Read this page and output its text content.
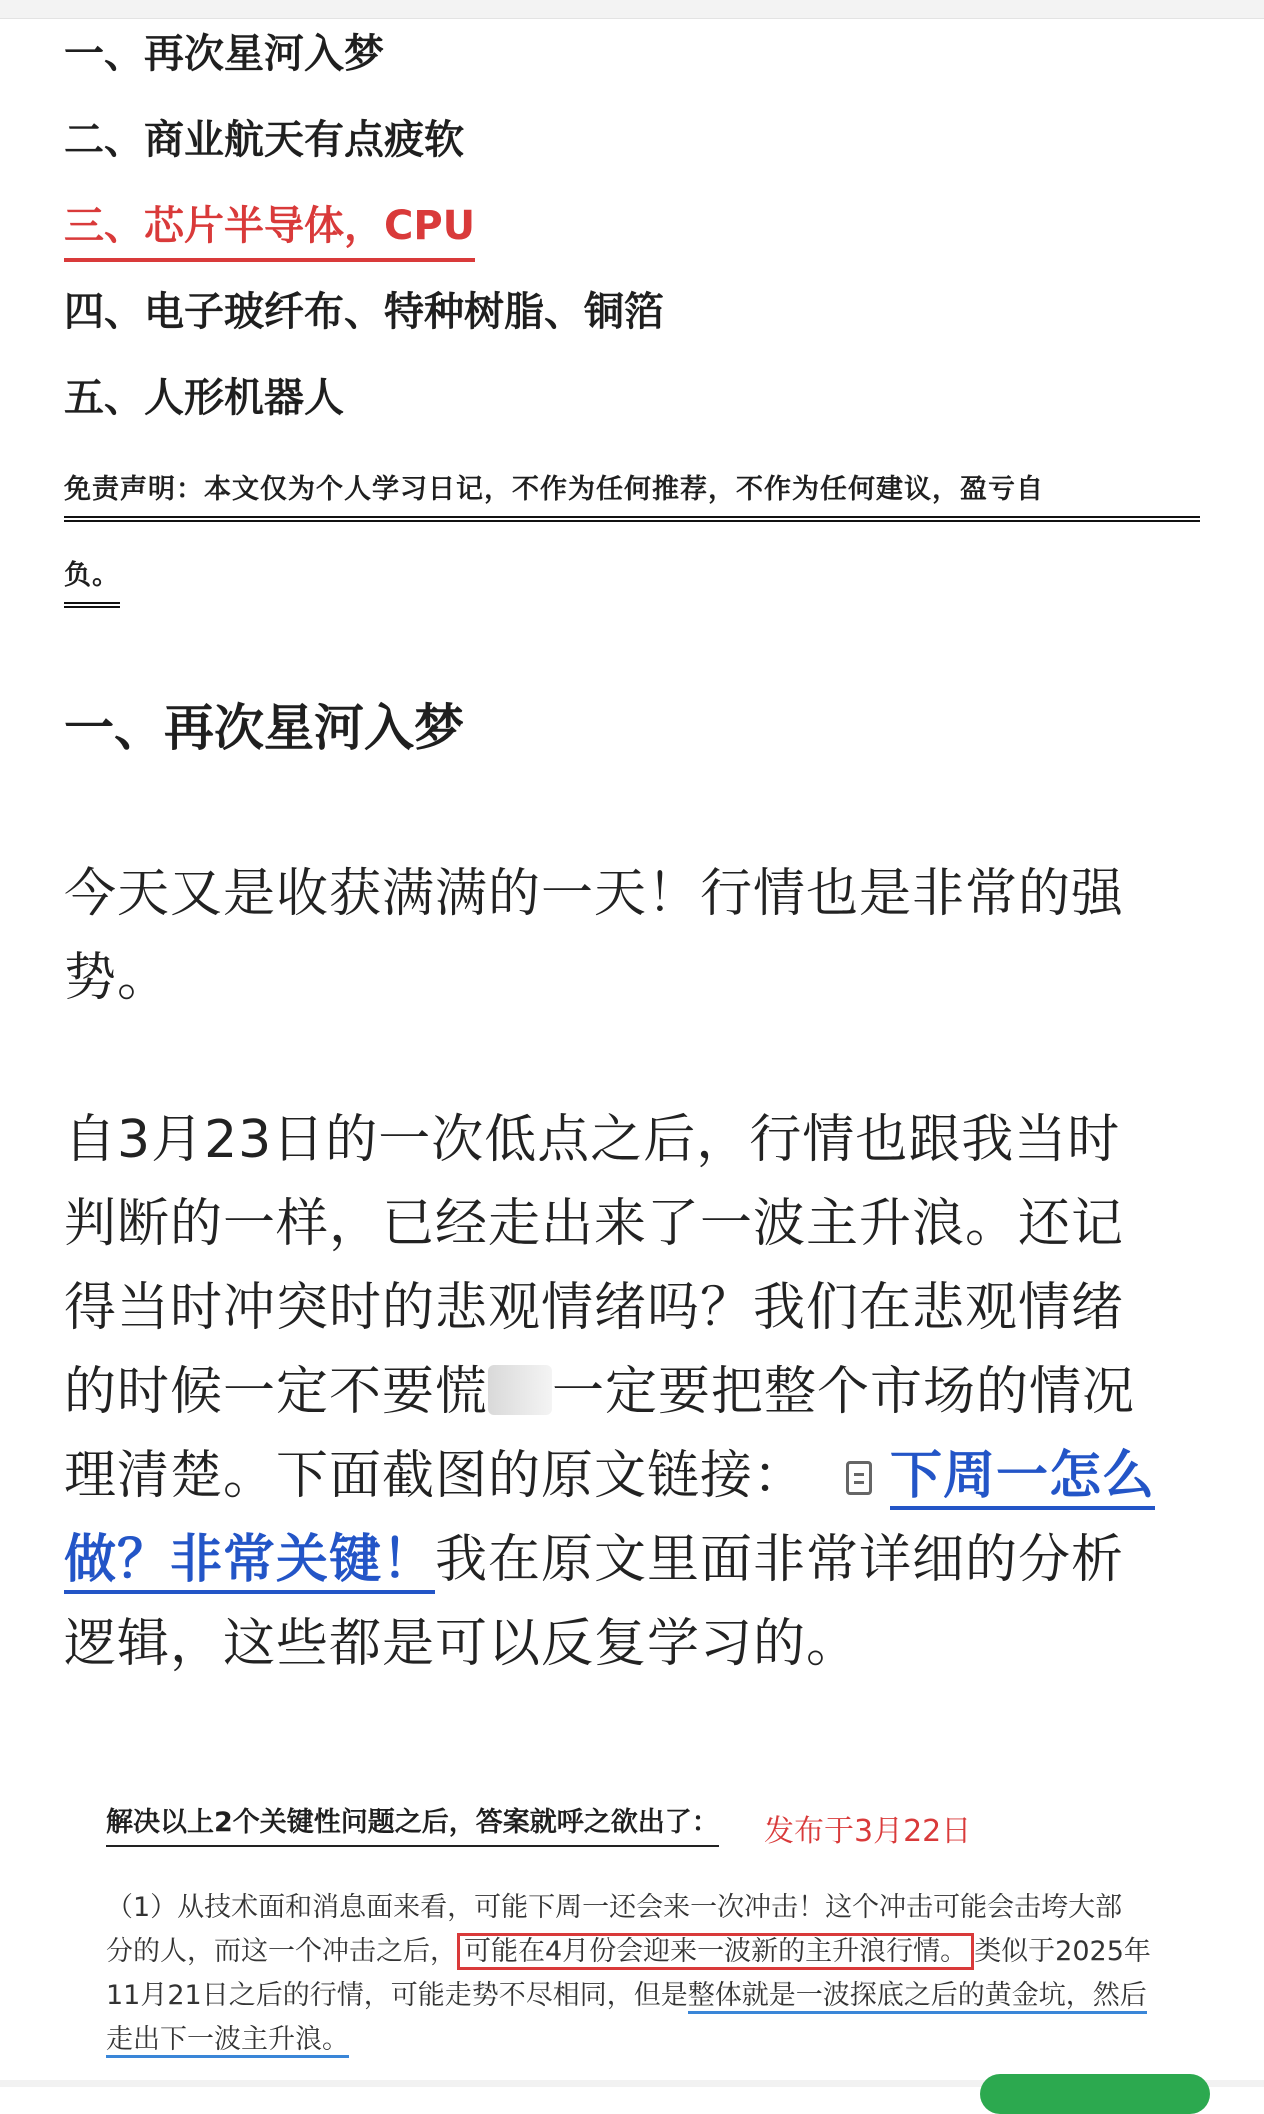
一、再次星河入梦
二、商业航天有点疲软
三、芯片半导体，CPU
四、电子玻纤布、特种树脂、铜箔
五、人形机器人
免责声明：本文仅为个人学习日记，不作为任何推荐，不作为任何建议，盈亏自
负。
一、再次星河入梦
今天又是收获满满的一天！行情也是非常的强
势。
自3月23日的一次低点之后，行情也跟我当时
判断的一样，已经走出来了一波主升浪。还记
得当时冲突时的悲观情绪吗？我们在悲观情绪
的时候一定不要慌 一定要把整个市场的情况
理清楚。下面截图的原文链接： 下周一怎么
做？非常关键！我在原文里面非常详细的分析
逻辑，这些都是可以反复学习的。
解决以上2个关键性问题之后，答案就呼之欲出了： 发布于3月22日
（1）从技术面和消息面来看，可能下周一还会来一次冲击！这个冲击可能会击垮大部
分的人，而这一个冲击之后， 可能在4月份会迎来一波新的主升浪行情。 类似于2025年
11月21日之后的行情，可能走势不尽相同，但是整体就是一波探底之后的黄金坑，然后
走出下一波主升浪。
